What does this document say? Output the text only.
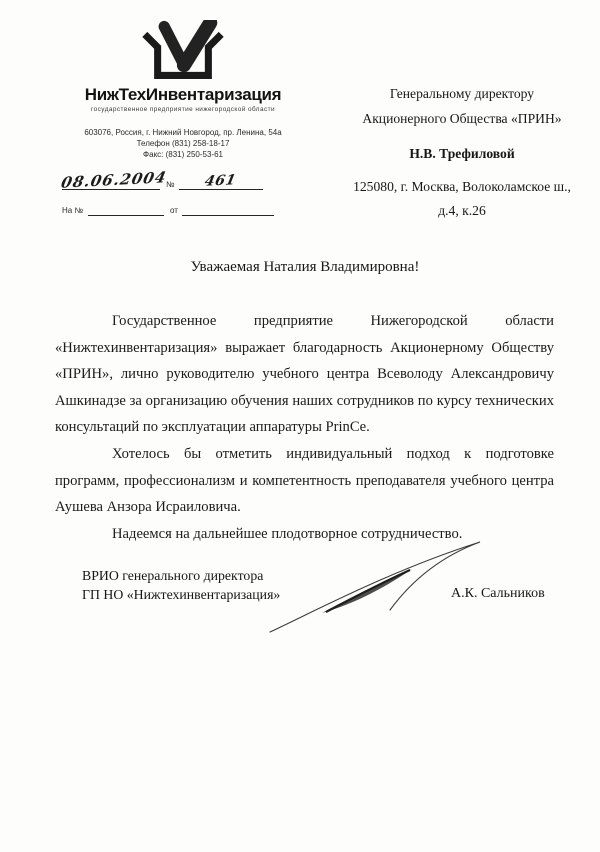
НижТехИнвентаризация
государственное предприятие нижегородской области
603076, Россия, г. Нижний Новгород, пр. Ленина, 54а
Телефон (831) 258-18-17
Факс: (831) 250-53-61
08.06.2004
№	461
На №	от
Генеральному директору
Акционерного Общества «ПРИН»
Н.В. Трефиловой
125080, г. Москва, Волоколамское ш.,
д.4, к.26
Уважаемая Наталия Владимировна!

Государственное предприятие Нижегородской области «Нижтехинвентаризация» выражает благодарность Акционерному Обществу «ПРИН», лично руководителю учебного центра Всеволоду Александровичу Ашкинадзе за организацию обучения наших сотрудников по курсу технических консультаций по эксплуатации аппаратуры PrinCe.

Хотелось бы отметить индивидуальный подход к подготовке программ, профессионализм и компетентность преподавателя учебного центра Аушева Анзора Исраиловича.

Надеемся на дальнейшее плодотворное сотрудничество.

ВРИО генерального директора
ГП НО «Нижтехинвентаризация»	А.К. Сальников
